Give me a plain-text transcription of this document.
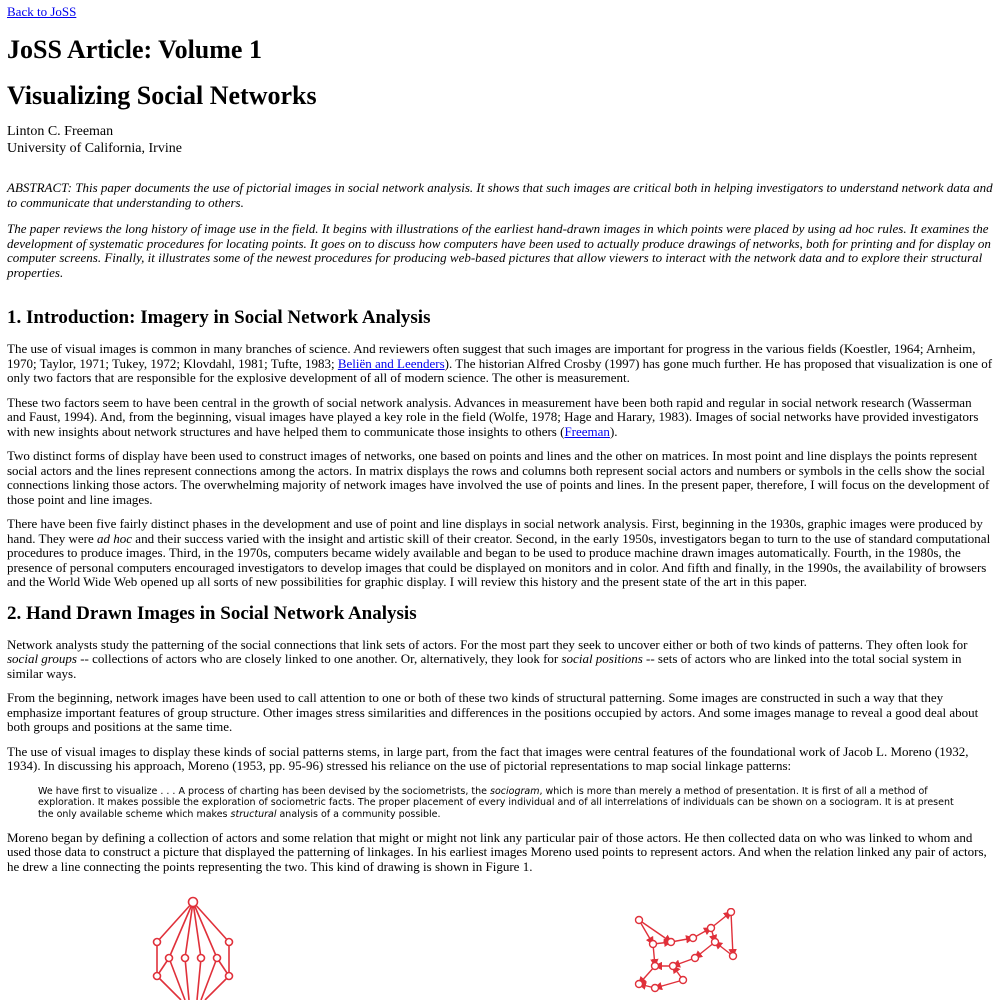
Back to JoSS
JoSS Article: Volume 1
Visualizing Social Networks
Linton C. Freeman
University of California, Irvine

ABSTRACT: This paper documents the use of pictorial images in social network analysis. It shows that such images are critical both in helping investigators to understand network data and to communicate that understanding to others.

The paper reviews the long history of image use in the field. It begins with illustrations of the earliest hand-drawn images in which points were placed by using ad hoc rules. It examines the development of systematic procedures for locating points. It goes on to discuss how computers have been used to actually produce drawings of networks, both for printing and for display on computer screens. Finally, it illustrates some of the newest procedures for producing web-based pictures that allow viewers to interact with the network data and to explore their structural properties.

1. Introduction: Imagery in Social Network Analysis

The use of visual images is common in many branches of science. And reviewers often suggest that such images are important for progress in the various fields (Koestler, 1964; Arnheim, 1970; Taylor, 1971; Tukey, 1972; Klovdahl, 1981; Tufte, 1983; Beliën and Leenders). The historian Alfred Crosby (1997) has gone much further. He has proposed that visualization is one of only two factors that are responsible for the explosive development of all of modern science. The other is measurement.

These two factors seem to have been central in the growth of social network analysis. Advances in measurement have been both rapid and regular in social network research (Wasserman and Faust, 1994). And, from the beginning, visual images have played a key role in the field (Wolfe, 1978; Hage and Harary, 1983). Images of social networks have provided investigators with new insights about network structures and have helped them to communicate those insights to others (Freeman).

Two distinct forms of display have been used to construct images of networks, one based on points and lines and the other on matrices. In most point and line displays the points represent social actors and the lines represent connections among the actors. In matrix displays the rows and columns both represent social actors and numbers or symbols in the cells show the social connections linking those actors. The overwhelming majority of network images have involved the use of points and lines. In the present paper, therefore, I will focus on the development of those point and line images.

There have been five fairly distinct phases in the development and use of point and line displays in social network analysis. First, beginning in the 1930s, graphic images were produced by hand. They were ad hoc and their success varied with the insight and artistic skill of their creator. Second, in the early 1950s, investigators began to turn to the use of standard computational procedures to produce images. Third, in the 1970s, computers became widely available and began to be used to produce machine drawn images automatically. Fourth, in the 1980s, the presence of personal computers encouraged investigators to develop images that could be displayed on monitors and in color. And fifth and finally, in the 1990s, the availability of browsers and the World Wide Web opened up all sorts of new possibilities for graphic display. I will review this history and the present state of the art in this paper.

2. Hand Drawn Images in Social Network Analysis

Network analysts study the patterning of the social connections that link sets of actors. For the most part they seek to uncover either or both of two kinds of patterns. They often look for social groups -- collections of actors who are closely linked to one another. Or, alternatively, they look for social positions -- sets of actors who are linked into the total social system in similar ways.

From the beginning, network images have been used to call attention to one or both of these two kinds of structural patterning. Some images are constructed in such a way that they emphasize important features of group structure. Other images stress similarities and differences in the positions occupied by actors. And some images manage to reveal a good deal about both groups and positions at the same time.

The use of visual images to display these kinds of social patterns stems, in large part, from the fact that images were central features of the foundational work of Jacob L. Moreno (1932, 1934). In discussing his approach, Moreno (1953, pp. 95-96) stressed his reliance on the use of pictorial representations to map social linkage patterns:

We have first to visualize . . . A process of charting has been devised by the sociometrists, the sociogram, which is more than merely a method of presentation. It is first of all a method of exploration. It makes possible the exploration of sociometric facts. The proper placement of every individual and of all interrelations of individuals can be shown on a sociogram. It is at present the only available scheme which makes structural analysis of a community possible.

Moreno began by defining a collection of actors and some relation that might or might not link any particular pair of those actors. He then collected data on who was linked to whom and used those data to construct a picture that displayed the patterning of linkages. In his earliest images Moreno used points to represent actors. And when the relation linked any pair of actors, he drew a line connecting the points representing the two. This kind of drawing is shown in Figure 1.
